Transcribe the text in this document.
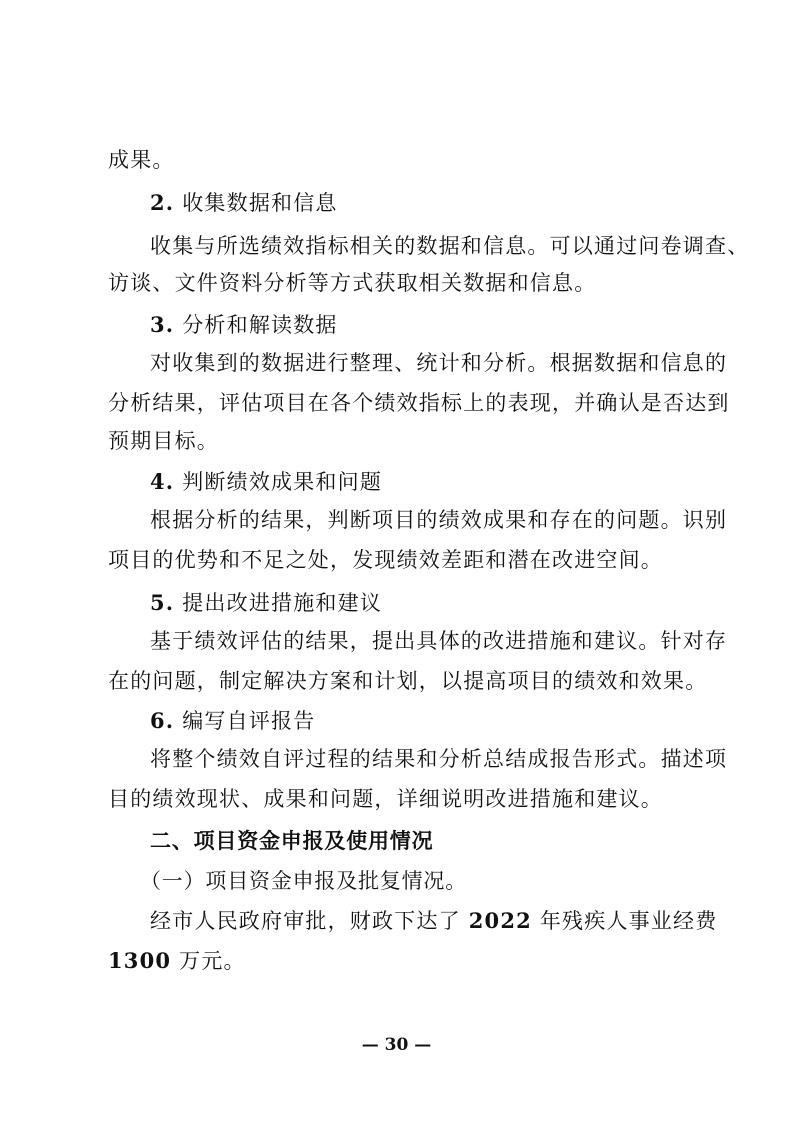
成果。
2. 收集数据和信息
收集与所选绩效指标相关的数据和信息。可以通过问卷调查、
访谈、文件资料分析等方式获取相关数据和信息。
3. 分析和解读数据
对收集到的数据进行整理、统计和分析。根据数据和信息的
分析结果，评估项目在各个绩效指标上的表现，并确认是否达到
预期目标。
4. 判断绩效成果和问题
根据分析的结果，判断项目的绩效成果和存在的问题。识别
项目的优势和不足之处，发现绩效差距和潜在改进空间。
5. 提出改进措施和建议
基于绩效评估的结果，提出具体的改进措施和建议。针对存
在的问题，制定解决方案和计划，以提高项目的绩效和效果。
6. 编写自评报告
将整个绩效自评过程的结果和分析总结成报告形式。描述项
目的绩效现状、成果和问题，详细说明改进措施和建议。
二、项目资金申报及使用情况
（一）项目资金申报及批复情况。
经市人民政府审批，财政下达了 2022 年残疾人事业经费
1300 万元。
— 30 —
